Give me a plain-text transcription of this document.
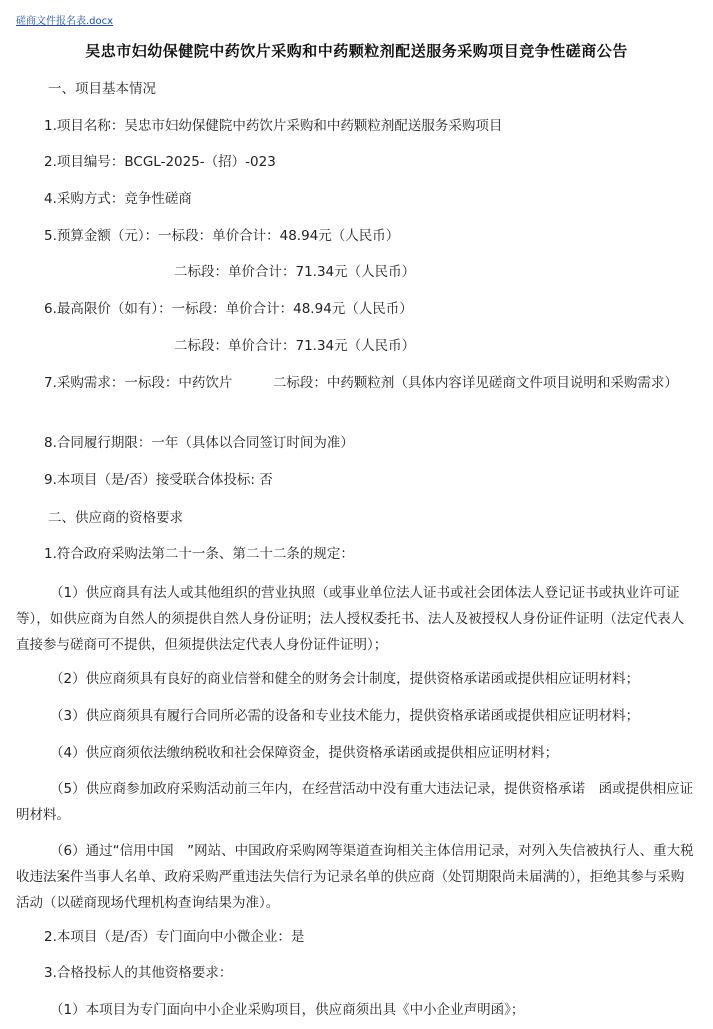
磋商文件报名表.docx
吴忠市妇幼保健院中药饮片采购和中药颗粒剂配送服务采购项目竞争性磋商公告
一、项目基本情况
1.项目名称：吴忠市妇幼保健院中药饮片采购和中药颗粒剂配送服务采购项目
2.项目编号：BCGL-2025-（招）-023
4.采购方式：竞争性磋商
5.预算金额（元）：一标段：单价合计：48.94元（人民币）
二标段：单价合计：71.34元（人民币）
6.最高限价（如有）：一标段：单价合计：48.94元（人民币）
二标段：单价合计：71.34元（人民币）
7.采购需求：一标段：中药饮片　　　二标段：中药颗粒剂（具体内容详见磋商文件项目说明和采购需求）
8.合同履行期限：一年（具体以合同签订时间为准）
9.本项目（是/否）接受联合体投标: 否
二、供应商的资格要求
1.符合政府采购法第二十一条、第二十二条的规定：
（1）供应商具有法人或其他组织的营业执照（或事业单位法人证书或社会团体法人登记证书或执业许可证等），如供应商为自然人的须提供自然人身份证明；法人授权委托书、法人及被授权人身份证件证明（法定代表人直接参与磋商可不提供，但须提供法定代表人身份证件证明）；
（2）供应商须具有良好的商业信誉和健全的财务会计制度，提供资格承诺函或提供相应证明材料；
（3）供应商须具有履行合同所必需的设备和专业技术能力，提供资格承诺函或提供相应证明材料；
（4）供应商须依法缴纳税收和社会保障资金，提供资格承诺函或提供相应证明材料；
（5）供应商参加政府采购活动前三年内，在经营活动中没有重大违法记录，提供资格承诺　函或提供相应证明材料。
（6）通过“信用中国　”网站、中国政府采购网等渠道查询相关主体信用记录，对列入失信被执行人、重大税收违法案件当事人名单、政府采购严重违法失信行为记录名单的供应商（处罚期限尚未届满的），拒绝其参与采购活动（以磋商现场代理机构查询结果为准）。
2.本项目（是/否）专门面向中小微企业：是
3.合格投标人的其他资格要求：
（1）本项目为专门面向中小企业采购项目，供应商须出具《中小企业声明函》；
